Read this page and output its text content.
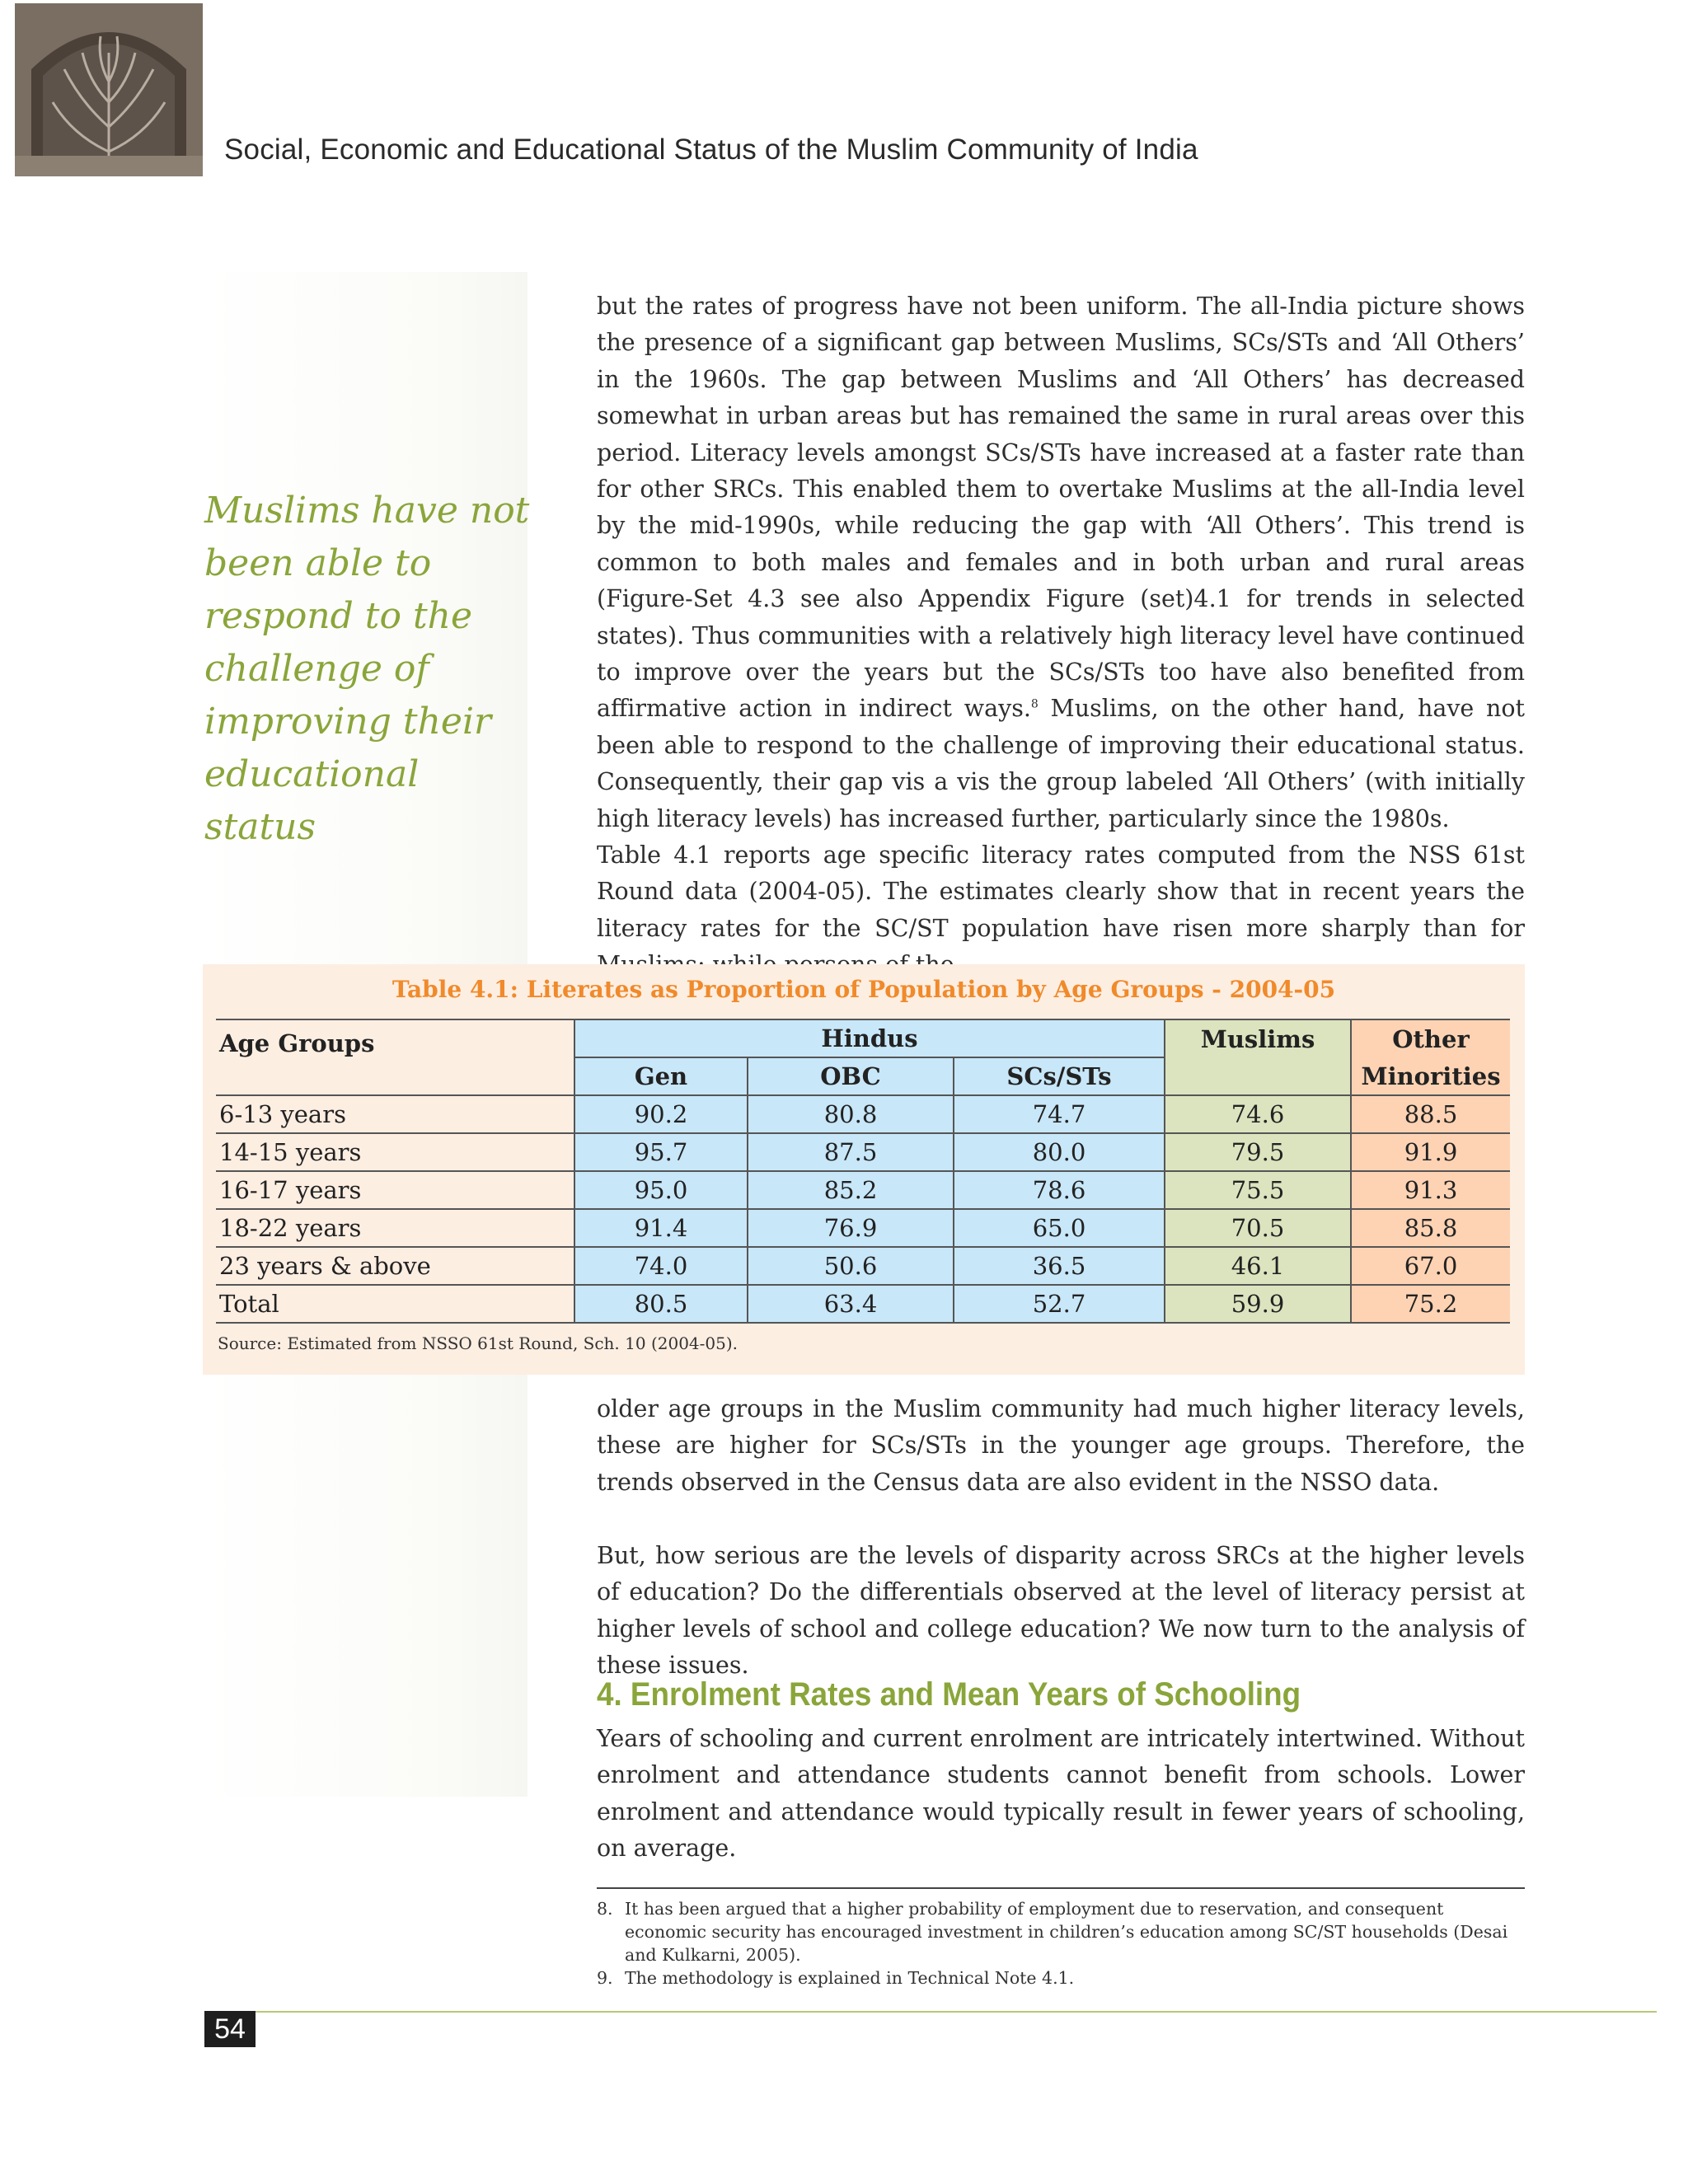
Social, Economic and Educational Status of the Muslim Community of India

but the rates of progress have not been uniform. The all-India picture shows the presence of a significant gap between Muslims, SCs/STs and ‘All Others’ in the 1960s. The gap between Muslims and ‘All Others’ has decreased somewhat in urban areas but has remained the same in rural areas over this period. Literacy levels amongst SCs/STs have increased at a faster rate than for other SRCs. This enabled them to overtake Muslims at the all-India level by the mid-1990s, while reducing the gap with ‘All Others’. This trend is common to both males and females and in both urban and rural areas (Figure-Set 4.3 see also Appendix Figure (set)4.1 for trends in selected states). Thus communities with a relatively high literacy level have continued to improve over the years but the SCs/STs too have also benefited from affirmative action in indirect ways.$^8$ Muslims, on the other hand, have not been able to respond to the challenge of improving their educational status. Consequently, their gap vis a vis the group labeled ‘All Others’ (with initially high literacy levels) has increased further, particularly since the 1980s.

Muslims have not been able to respond to the challenge of improving their educational status

Table 4.1 reports age specific literacy rates computed from the NSS 61st Round data (2004-05). The estimates clearly show that in recent years the literacy rates for the SC/ST population have risen more sharply than for

Table 4.1: Literates as Proportion of Population by Age Groups - 2004-05
Age Groups	Hindus			Muslims	Other
	Gen	OBC	SCs/STs		Minorities
6-13 years	90.2	80.8	74.7	74.6	88.5
14-15 years	95.7	87.5	80.0	79.5	91.9
16-17 years	95.0	85.2	78.6	75.5	91.3
18-22 years	91.4	76.9	65.0	70.5	85.8
23 years & above	74.0	50.6	36.5	46.1	67.0
Total	80.5	63.4	52.7	59.9	75.2
Source: Estimated from NSSO 61st Round, Sch. 10 (2004-05).

older age groups in the Muslim community had much higher literacy levels, these are higher for SCs/STs in the younger age groups. Therefore, the trends observed in the Census data are also evident in the NSSO data.

But, how serious are the levels of disparity across SRCs at the higher levels of education? Do the differentials observed at the level of literacy persist at higher levels of school and college education? We now turn to the analysis of these issues.

4. Enrolment Rates and Mean Years of Schooling

Years of schooling and current enrolment are intricately intertwined. Without enrolment and attendance students cannot benefit from schools. Lower enrolment and attendance would typically result in fewer years of schooling, on average.

8. It has been argued that a higher probability of employment due to reservation, and consequent economic security has encouraged investment in children’s education among SC/ST households (Desai and Kulkarni, 2005).
9. The methodology is explained in Technical Note 4.1.
54
